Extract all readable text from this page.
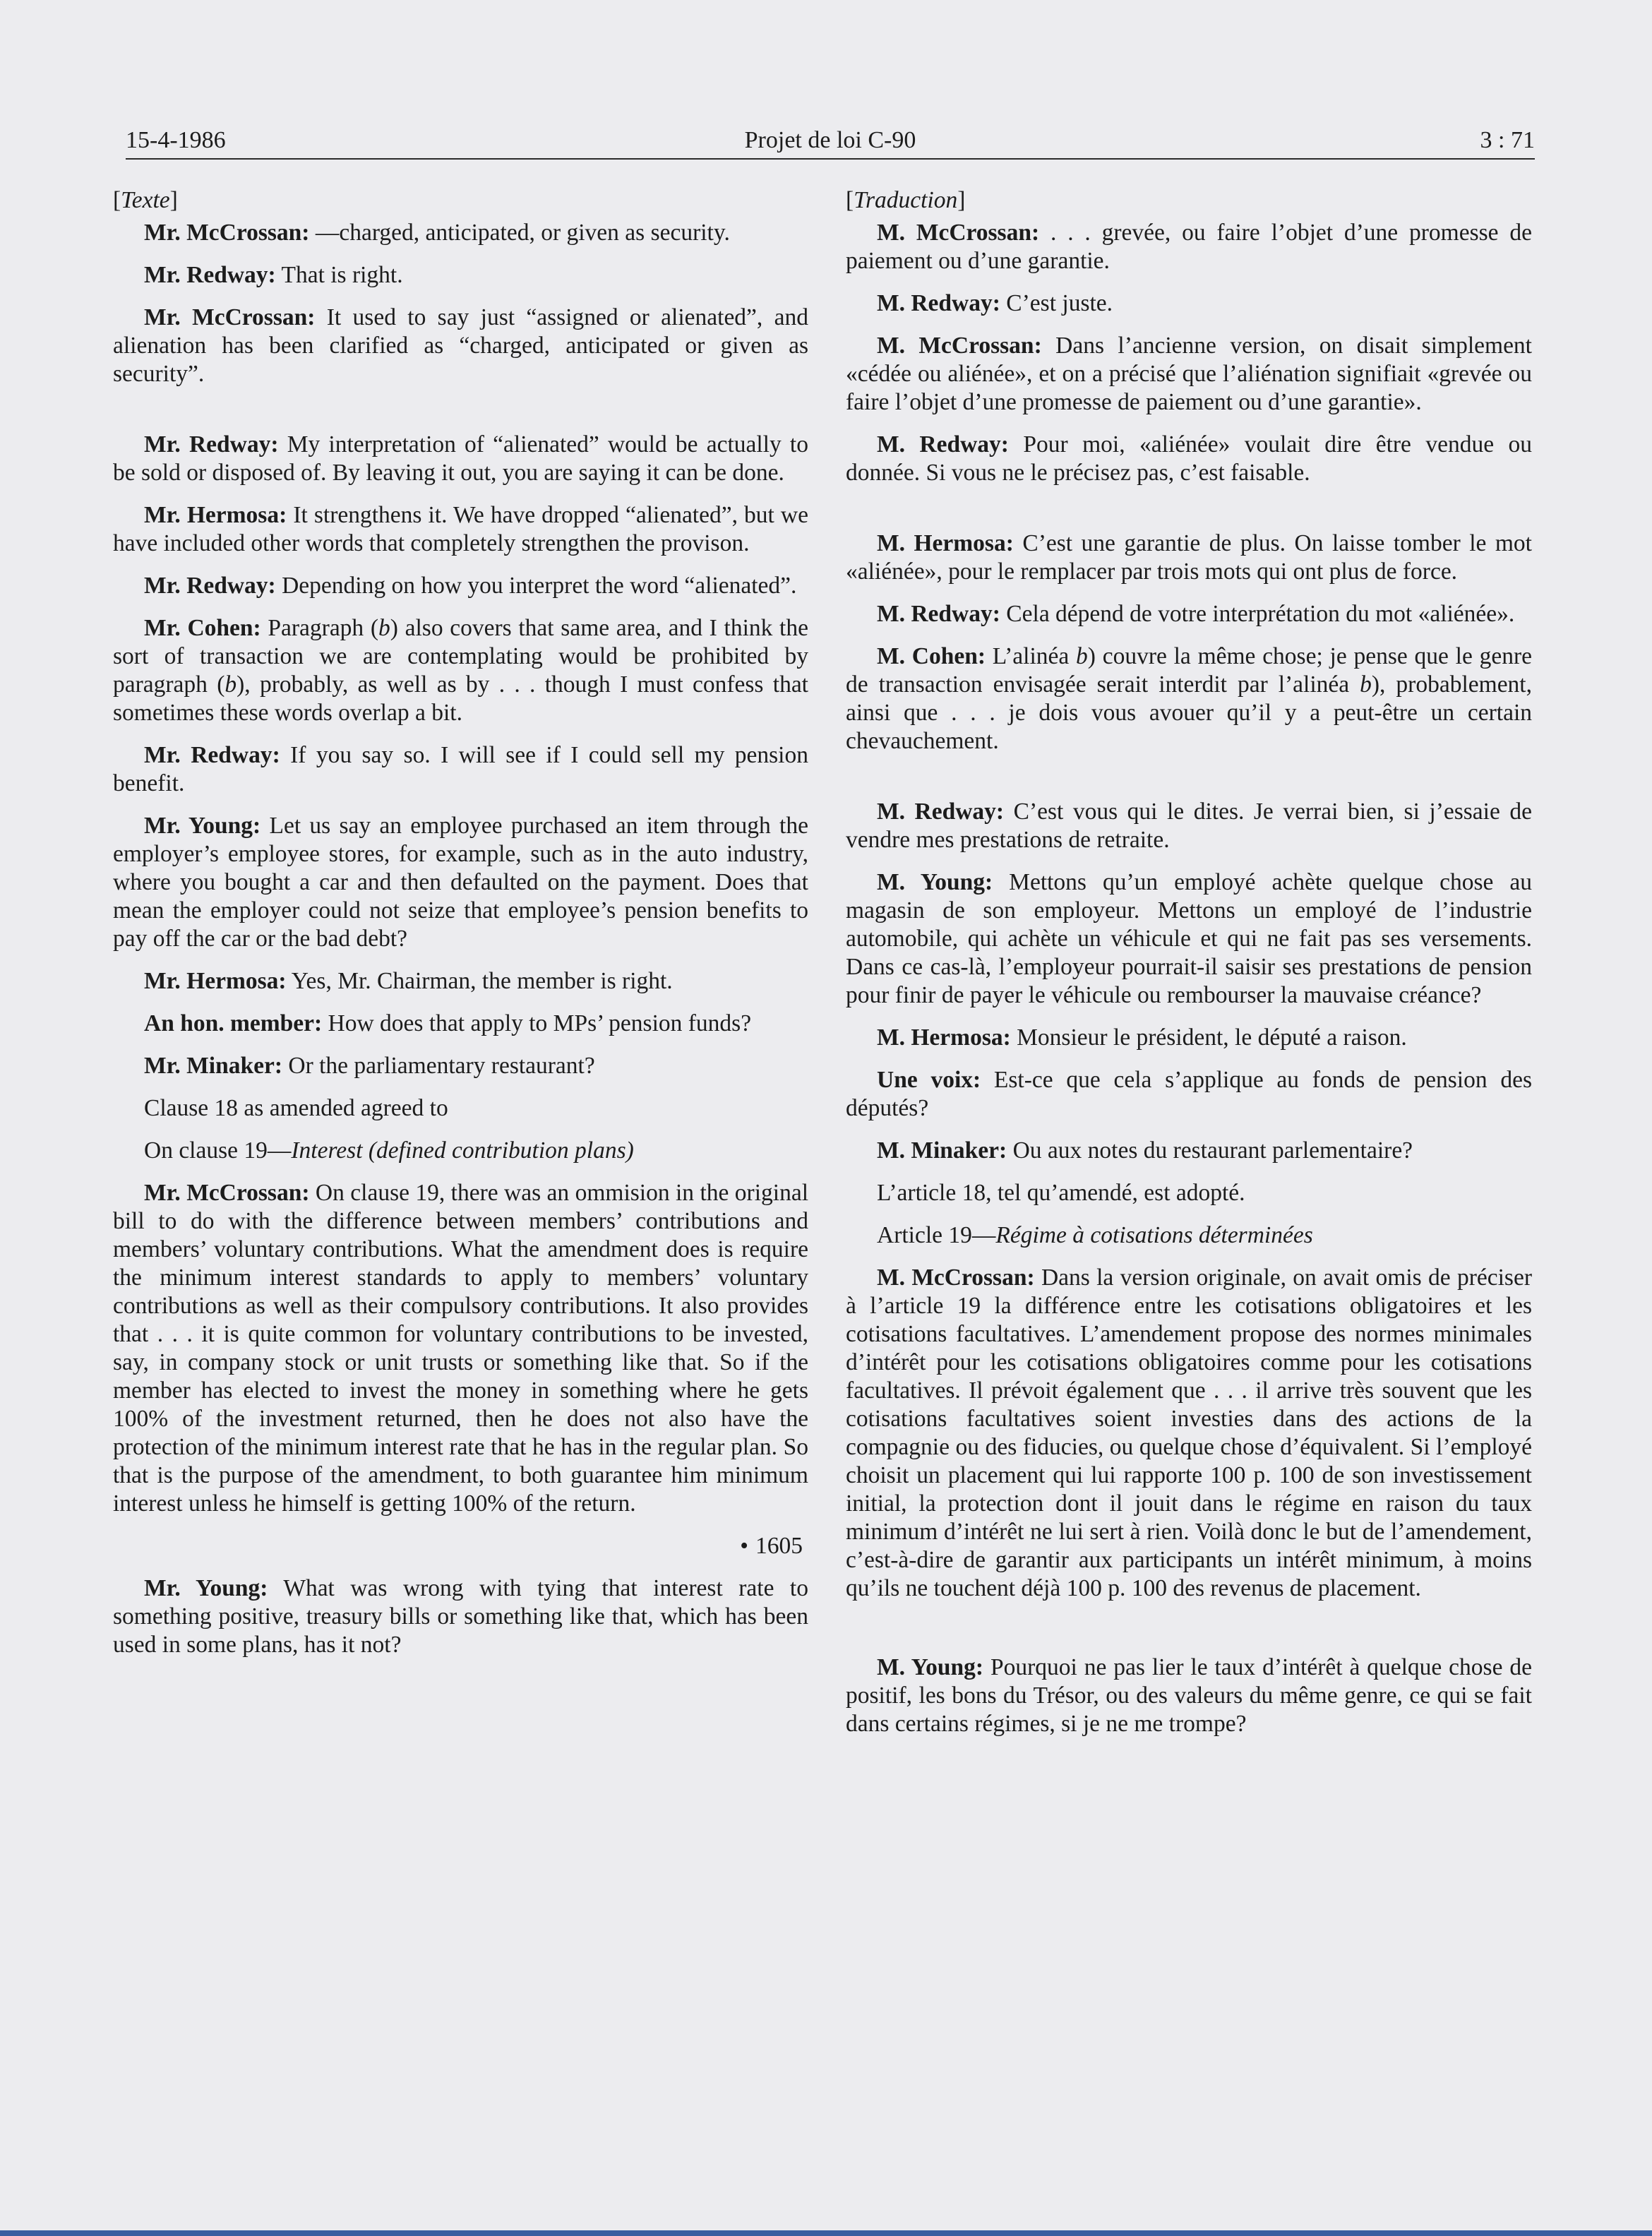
15-4-1986	Projet de loi C-90	3 : 71

[Texte]

Mr. McCrossan: —charged, anticipated, or given as security.

Mr. Redway: That is right.

Mr. McCrossan: It used to say just “assigned or alienated”, and alienation has been clarified as “charged, anticipated or given as security”.

Mr. Redway: My interpretation of “alienated” would be actually to be sold or disposed of. By leaving it out, you are saying it can be done.

Mr. Hermosa: It strengthens it. We have dropped “alienated”, but we have included other words that completely strengthen the provison.

Mr. Redway: Depending on how you interpret the word “alienated”.

Mr. Cohen: Paragraph (b) also covers that same area, and I think the sort of transaction we are contemplating would be prohibited by paragraph (b), probably, as well as by . . . though I must confess that sometimes these words overlap a bit.

Mr. Redway: If you say so. I will see if I could sell my pension benefit.

Mr. Young: Let us say an employee purchased an item through the employer’s employee stores, for example, such as in the auto industry, where you bought a car and then defaulted on the payment. Does that mean the employer could not seize that employee’s pension benefits to pay off the car or the bad debt?

Mr. Hermosa: Yes, Mr. Chairman, the member is right.

An hon. member: How does that apply to MPs’ pension funds?

Mr. Minaker: Or the parliamentary restaurant?

Clause 18 as amended agreed to

On clause 19—Interest (defined contribution plans)

Mr. McCrossan: On clause 19, there was an ommision in the original bill to do with the difference between members’ contributions and members’ voluntary contributions. What the amendment does is require the minimum interest standards to apply to members’ voluntary contributions as well as their compulsory contributions. It also provides that . . . it is quite common for voluntary contributions to be invested, say, in company stock or unit trusts or something like that. So if the member has elected to invest the money in something where he gets 100% of the investment returned, then he does not also have the protection of the minimum interest rate that he has in the regular plan. So that is the purpose of the amendment, to both guarantee him minimum interest unless he himself is getting 100% of the return.

• 1605

Mr. Young: What was wrong with tying that interest rate to something positive, treasury bills or something like that, which has been used in some plans, has it not?

[Traduction]

M. McCrossan: . . . grevée, ou faire l’objet d’une promesse de paiement ou d’une garantie.

M. Redway: C’est juste.

M. McCrossan: Dans l’ancienne version, on disait simplement «cédée ou aliénée», et on a précisé que l’aliénation signifiait «grevée ou faire l’objet d’une promesse de paiement ou d’une garantie».

M. Redway: Pour moi, «aliénée» voulait dire être vendue ou donnée. Si vous ne le précisez pas, c’est faisable.

M. Hermosa: C’est une garantie de plus. On laisse tomber le mot «aliénée», pour le remplacer par trois mots qui ont plus de force.

M. Redway: Cela dépend de votre interprétation du mot «aliénée».

M. Cohen: L’alinéa b) couvre la même chose; je pense que le genre de transaction envisagée serait interdit par l’alinéa b), probablement, ainsi que . . . je dois vous avouer qu’il y a peut-être un certain chevauchement.

M. Redway: C’est vous qui le dites. Je verrai bien, si j’essaie de vendre mes prestations de retraite.

M. Young: Mettons qu’un employé achète quelque chose au magasin de son employeur. Mettons un employé de l’industrie automobile, qui achète un véhicule et qui ne fait pas ses versements. Dans ce cas-là, l’employeur pourrait-il saisir ses prestations de pension pour finir de payer le véhicule ou rembourser la mauvaise créance?

M. Hermosa: Monsieur le président, le député a raison.

Une voix: Est-ce que cela s’applique au fonds de pension des députés?

M. Minaker: Ou aux notes du restaurant parlementaire?

L’article 18, tel qu’amendé, est adopté.

Article 19—Régime à cotisations déterminées

M. McCrossan: Dans la version originale, on avait omis de préciser à l’article 19 la différence entre les cotisations obligatoires et les cotisations facultatives. L’amendement propose des normes minimales d’intérêt pour les cotisations obligatoires comme pour les cotisations facultatives. Il prévoit également que . . . il arrive très souvent que les cotisations facultatives soient investies dans des actions de la compagnie ou des fiducies, ou quelque chose d’équivalent. Si l’employé choisit un placement qui lui rapporte 100 p. 100 de son investissement initial, la protection dont il jouit dans le régime en raison du taux minimum d’intérêt ne lui sert à rien. Voilà donc le but de l’amendement, c’est-à-dire de garantir aux participants un intérêt minimum, à moins qu’ils ne touchent déjà 100 p. 100 des revenus de placement.

M. Young: Pourquoi ne pas lier le taux d’intérêt à quelque chose de positif, les bons du Trésor, ou des valeurs du même genre, ce qui se fait dans certains régimes, si je ne me trompe?
